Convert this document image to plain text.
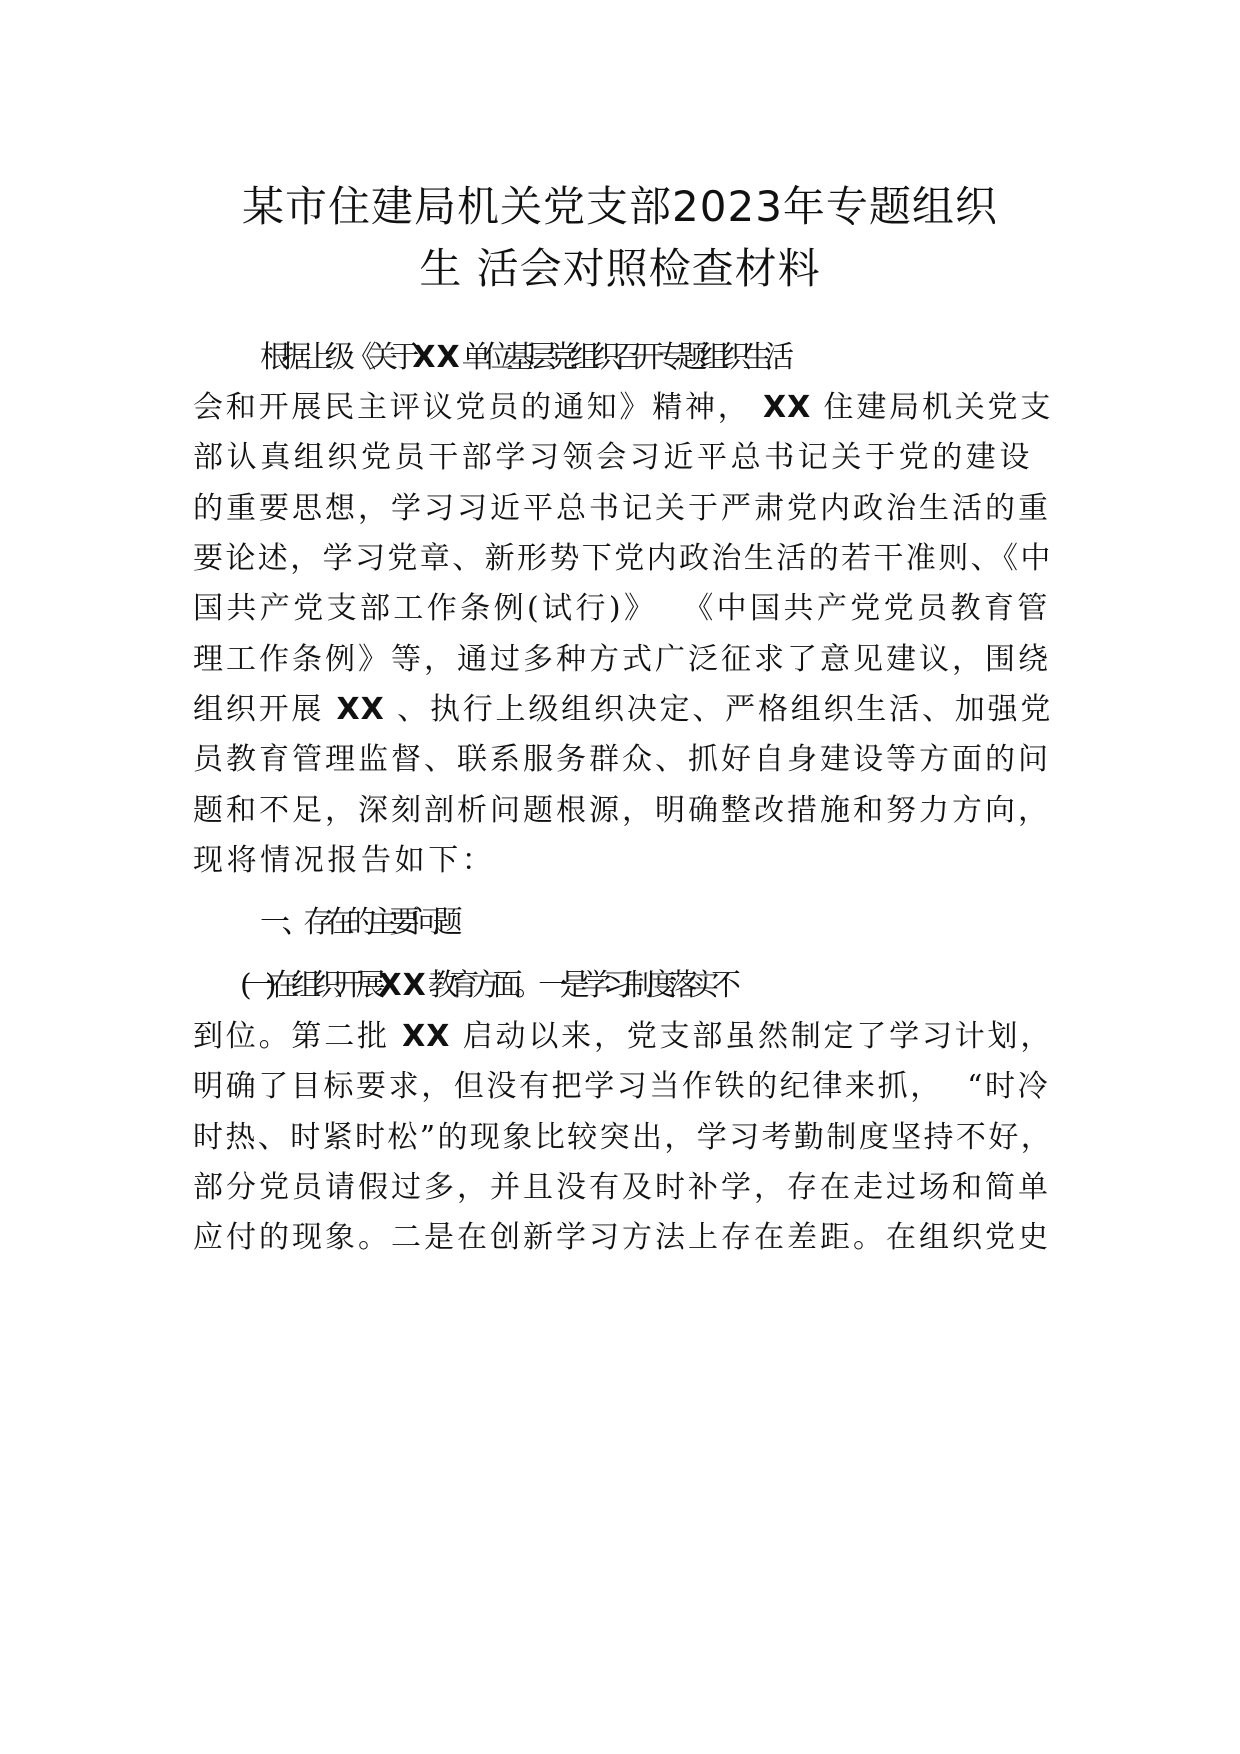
某市住建局机关党支部2023年专题组织
生 活会对照检查材料
根据上级《关于 XX 单位基层党组织召开专题组织生活
会和开展民主评议党员的通知》精神， XX 住建局机关党支
部认真组织党员干部学习领会习近平总书记关于党的建设
的重要思想，学习习近平总书记关于严肃党内政治生活的重
要论述，学习党章、新形势下党内政治生活的若干准则、《中
国共产党支部工作条例(试行)》  《中国共产党党员教育管
理工作条例》等，通过多种方式广泛征求了意见建议，围绕
组织开展 XX 、执行上级组织决定、严格组织生活、加强党
员教育管理监督、联系服务群众、抓好自身建设等方面的问
题和不足，深刻剖析问题根源，明确整改措施和努力方向，
现将情况报告如下：
一、存在的主要问题
(一) 在组织开展 XX 教育方面。  一是学习制度落实不
到位。第二批 XX 启动以来，党支部虽然制定了学习计划，
明确了目标要求，但没有把学习当作铁的纪律来抓，  “时冷
时热、时紧时松”的现象比较突出，学习考勤制度坚持不好，
部分党员请假过多，并且没有及时补学，存在走过场和简单
应付的现象。二是在创新学习方法上存在差距。在组织党史
